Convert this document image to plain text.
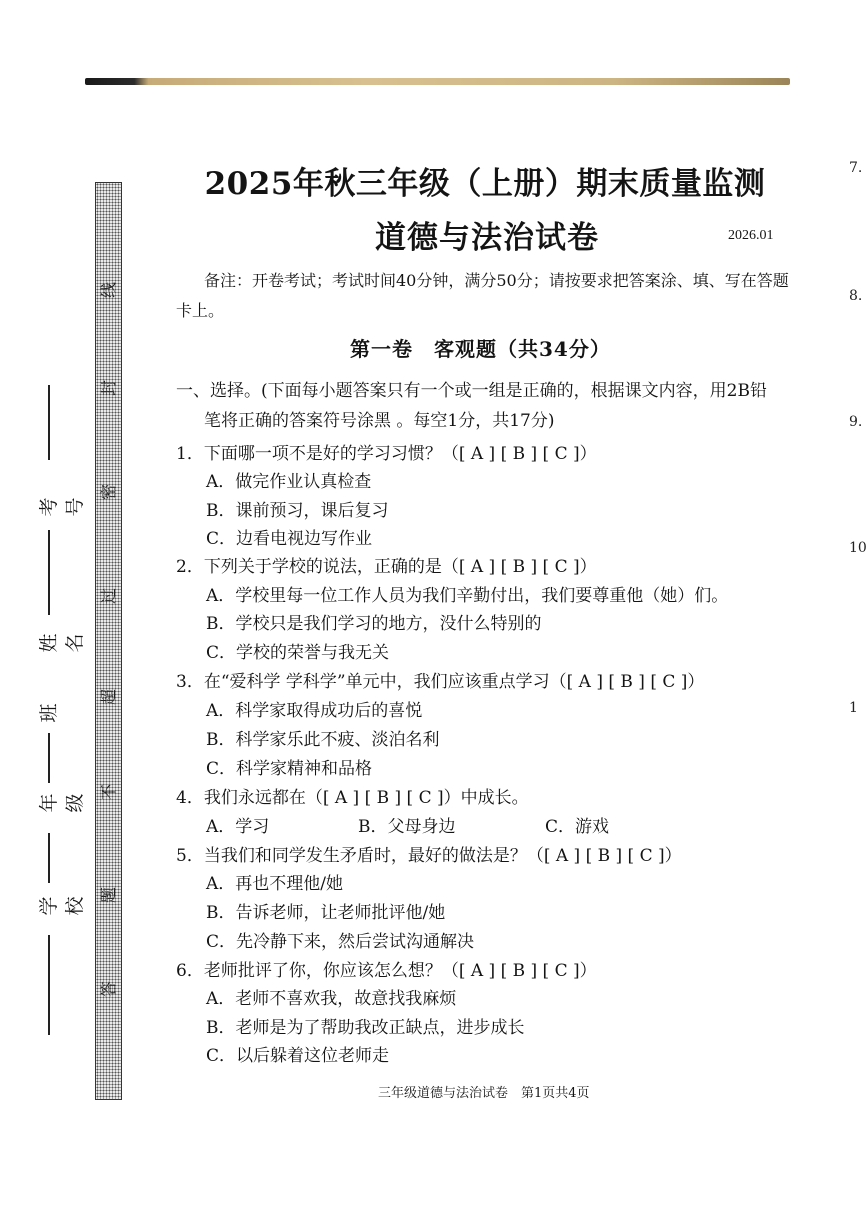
线
封
密
过
超
不
题
答
考号
姓名
班
年级
学校
2025年秋三年级（上册）期末质量监测
道德与法治试卷	2026.01
备注：开卷考试；考试时间40分钟，满分50分；请按要求把答案涂、填、写在答题卡上。
第一卷　客观题（共34分）
一、选择。(下面每小题答案只有一个或一组是正确的，根据课文内容，用2B铅
笔将正确的答案符号涂黑 。每空1分，共17分)
1．下面哪一项不是好的学习习惯？（[ A ] [ B ] [ C ]）
A．做完作业认真检查
B．课前预习，课后复习
C．边看电视边写作业
2．下列关于学校的说法，正确的是（[ A ] [ B ] [ C ]）
A．学校里每一位工作人员为我们辛勤付出，我们要尊重他（她）们。
B．学校只是我们学习的地方，没什么特别的
C．学校的荣誉与我无关
3．在“爱科学 学科学”单元中，我们应该重点学习（[ A ] [ B ] [ C ]）
A．科学家取得成功后的喜悦
B．科学家乐此不疲、淡泊名利
C．科学家精神和品格
4．我们永远都在（[ A ] [ B ] [ C ]）中成长。
A．学习	B．父母身边	C．游戏
5．当我们和同学发生矛盾时，最好的做法是？（[ A ] [ B ] [ C ]）
A．再也不理他/她
B．告诉老师，让老师批评他/她
C．先冷静下来，然后尝试沟通解决
6．老师批评了你，你应该怎么想？（[ A ] [ B ] [ C ]）
A．老师不喜欢我，故意找我麻烦
B．老师是为了帮助我改正缺点，进步成长
C．以后躲着这位老师走
三年级道德与法治试卷　第1页共4页
7.
8.
9.
10
1
